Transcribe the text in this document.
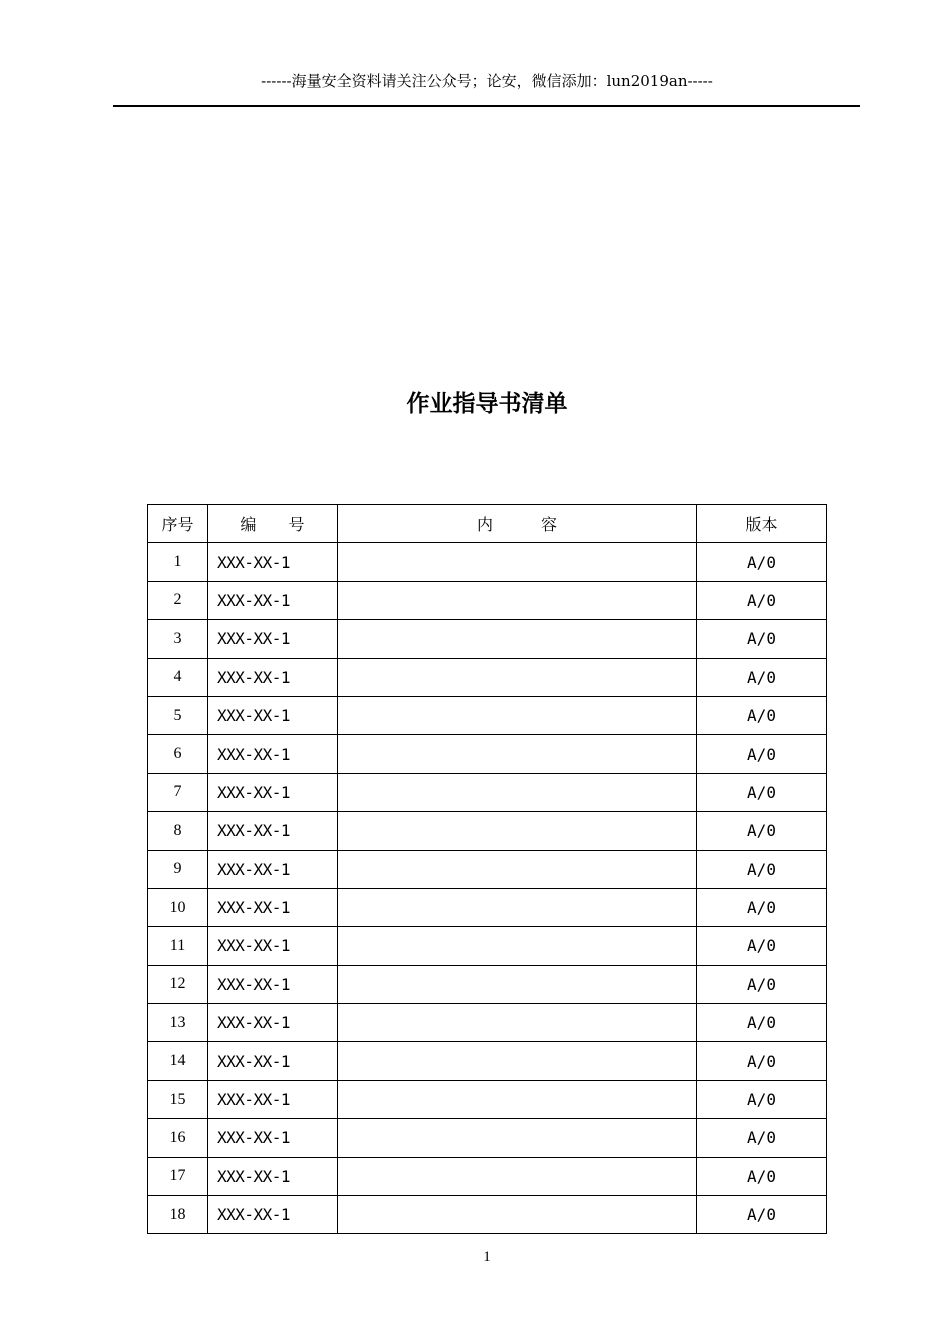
------海量安全资料请关注公众号；论安，微信添加：lun2019an-----
作业指导书清单
序号	编　　号	内　　　容	版本
1	XXX-XX-1		A/0
2	XXX-XX-1		A/0
3	XXX-XX-1		A/0
4	XXX-XX-1		A/0
5	XXX-XX-1		A/0
6	XXX-XX-1		A/0
7	XXX-XX-1		A/0
8	XXX-XX-1		A/0
9	XXX-XX-1		A/0
10	XXX-XX-1		A/0
11	XXX-XX-1		A/0
12	XXX-XX-1		A/0
13	XXX-XX-1		A/0
14	XXX-XX-1		A/0
15	XXX-XX-1		A/0
16	XXX-XX-1		A/0
17	XXX-XX-1		A/0
18	XXX-XX-1		A/0
1
